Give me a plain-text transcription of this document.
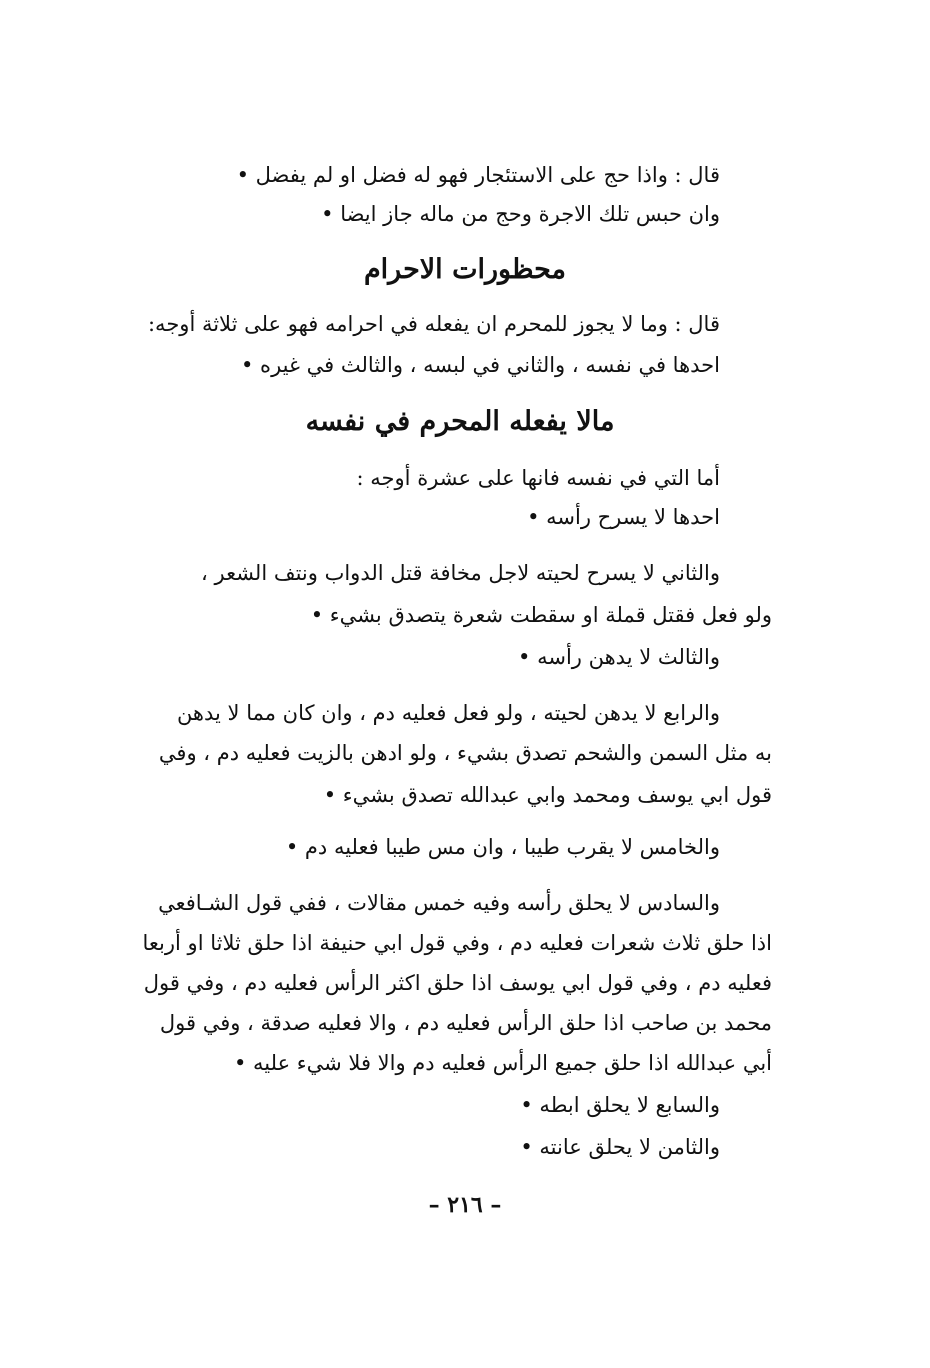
قال : واذا حج على الاستئجار فهو له فضل او لم يفضل •
وان حبس تلك الاجرة وحج من ماله جاز ايضا •
محظورات الاحرام
قال : وما لا يجوز للمحرم ان يفعله في احرامه فهو على ثلاثة أوجه:
احدها في نفسه ، والثاني في لبسه ، والثالث في غيره •
مالا يفعله المحرم في نفسه
أما التي في نفسه فانها على عشرة أوجه :
احدها لا يسرح رأسه •
والثاني لا يسرح لحيته لاجل مخافة قتل الدواب ونتف الشعر ،
ولو فعل فقتل قملة او سقطت شعرة يتصدق بشيء •
والثالث لا يدهن رأسه •
والرابع لا يدهن لحيته ، ولو فعل فعليه دم ، وان كان مما لا يدهن
به مثل السمن والشحم تصدق بشيء ، ولو ادهن بالزيت فعليه دم ، وفي
قول ابي يوسف ومحمد وابي عبدالله تصدق بشيء •
والخامس لا يقرب طيبا ، وان مس طيبا فعليه دم •
والسادس لا يحلق رأسه وفيه خمس مقالات ، ففي قول الشـافعي
اذا حلق ثلاث شعرات فعليه دم ، وفي قول ابي حنيفة اذا حلق ثلاثا او أربعا
فعليه دم ، وفي قول ابي يوسف اذا حلق اكثر الرأس فعليه دم ، وفي قول
محمد بن صاحب اذا حلق الرأس فعليه دم ، والا فعليه صدقة ، وفي قول
أبي عبدالله اذا حلق جميع الرأس فعليه دم والا فلا شيء عليه •
والسابع لا يحلق ابطه •
والثامن لا يحلق عانته •
– ٢١٦ –
